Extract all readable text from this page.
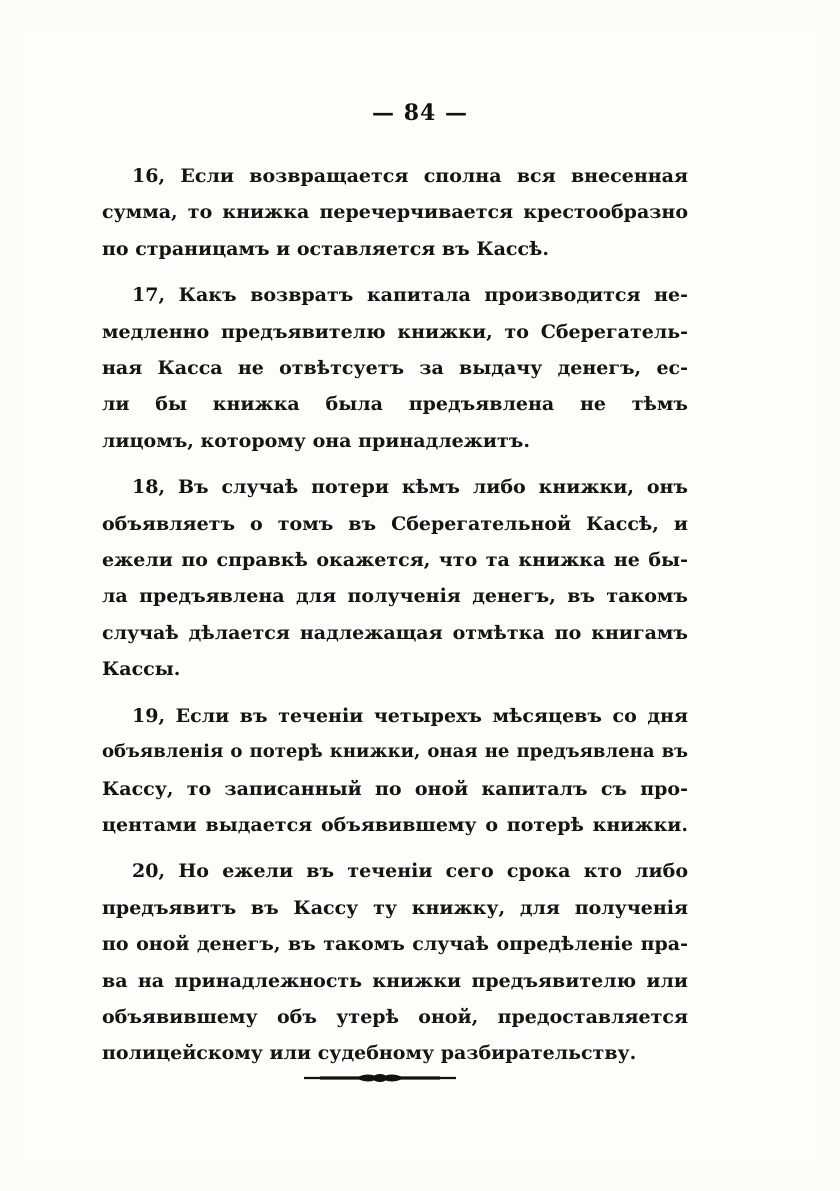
— 84 —

16, Если возвращается сполна вся внесенная
сумма, то книжка перечерчивается крестообразно
по страницамъ и оставляется въ Кассѣ.

17, Какъ возвратъ капитала производится не-
медленно предъявителю книжки, то Сберегатель-
ная Касса не отвѣтсуетъ за выдачу денегъ, ес-
ли бы книжка была предъявлена не тѣмъ
лицомъ, которому она принадлежитъ.

18, Въ случаѣ потери кѣмъ либо книжки, онъ
объявляетъ о томъ въ Сберегательной Кассѣ, и
ежели по справкѣ окажется, что та книжка не бы-
ла предъявлена для полученія денегъ, въ такомъ
случаѣ дѣлается надлежащая отмѣтка по книгамъ
Кассы.

19, Если въ теченіи четырехъ мѣсяцевъ со дня
объявленія о потерѣ книжки, оная не предъявлена въ
Кассу, то записанный по оной капиталъ съ про-
центами выдается объявившему о потерѣ книжки.

20, Но ежели въ теченіи сего срока кто либо
предъявитъ въ Кассу ту книжку, для полученія
по оной денегъ, въ такомъ случаѣ опредѣленіе пра-
ва на принадлежность книжки предъявителю или
объявившему объ утерѣ оной, предоставляется
полицейскому или судебному разбирательству.
